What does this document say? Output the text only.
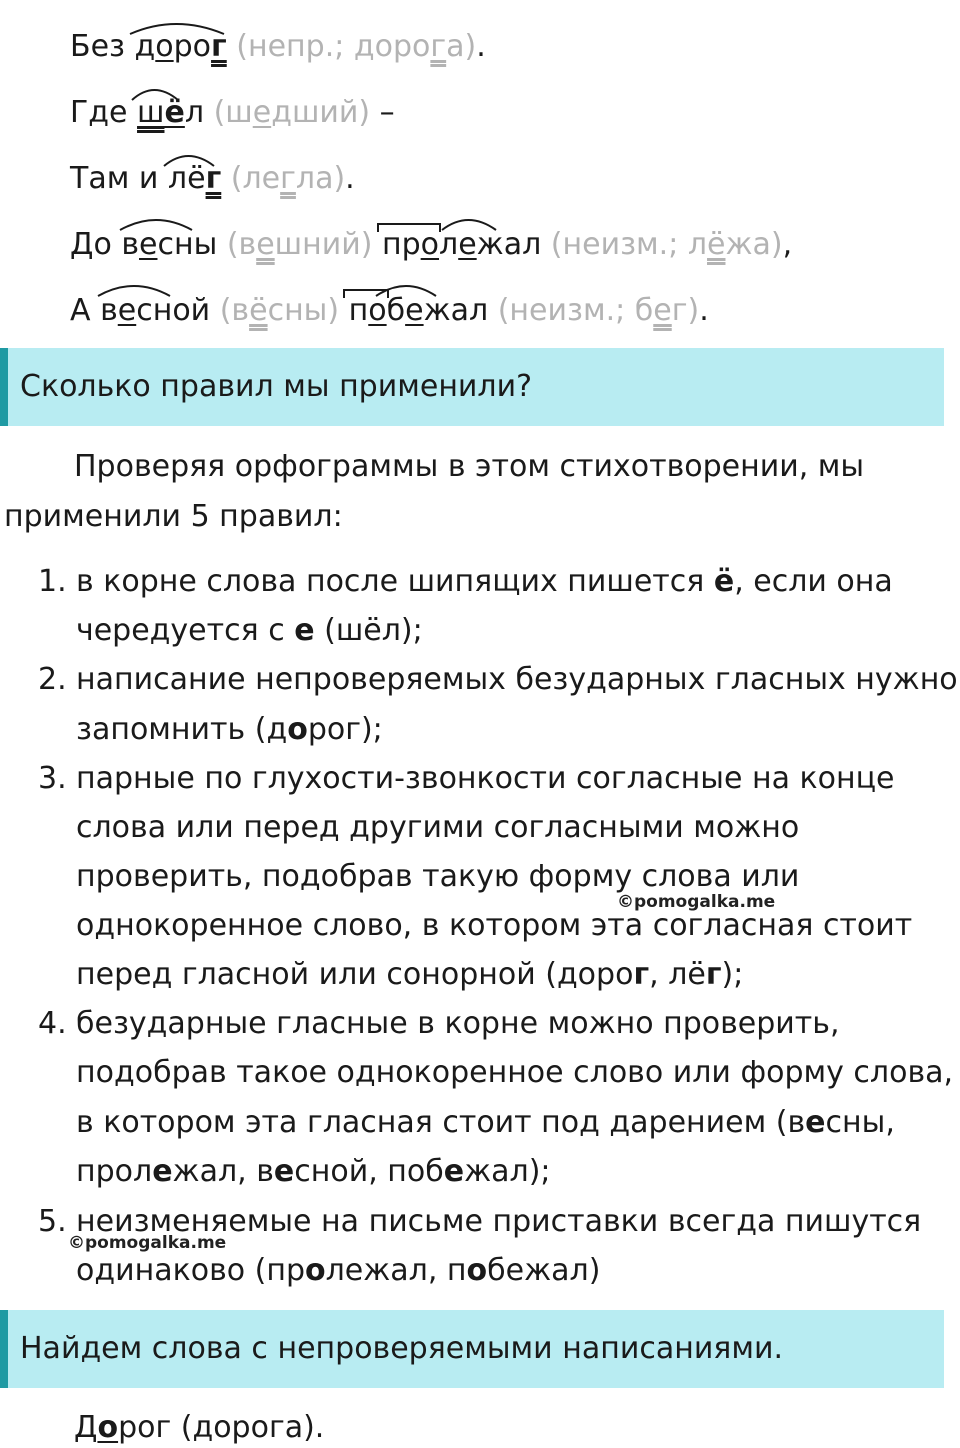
Без дорог (непр.; дорога).
Где шёл (шедший) –
Там и лёг (легла).
До весны (вешний) пролежал (неизм.; лёжа),
А весной (вёсны) побежал (неизм.; бег).
Сколько правил мы применили?
Проверяя орфограммы в этом стихотворении, мы
применили 5 правил:
1. в корне слова после шипящих пишется ё, если она
чередуется с е (шёл);
2. написание непроверяемых безударных гласных нужно
запомнить (дорог);
3. парные по глухости-звонкости согласные на конце
слова или перед другими согласными можно
проверить, подобрав такую форму слова или
однокоренное слово, в котором эта согласная стоит
перед гласной или сонорной (дорог, лёг);
4. безударные гласные в корне можно проверить,
подобрав такое однокоренное слово или форму слова,
в котором эта гласная стоит под дарением (весны,
пролежал, весной, побежал);
5. неизменяемые на письме приставки всегда пишутся
одинаково (пролежал, побежал)
©pomogalka.me
©pomogalka.me
Найдем слова с непроверяемыми написаниями.
Дорог (дорога).
